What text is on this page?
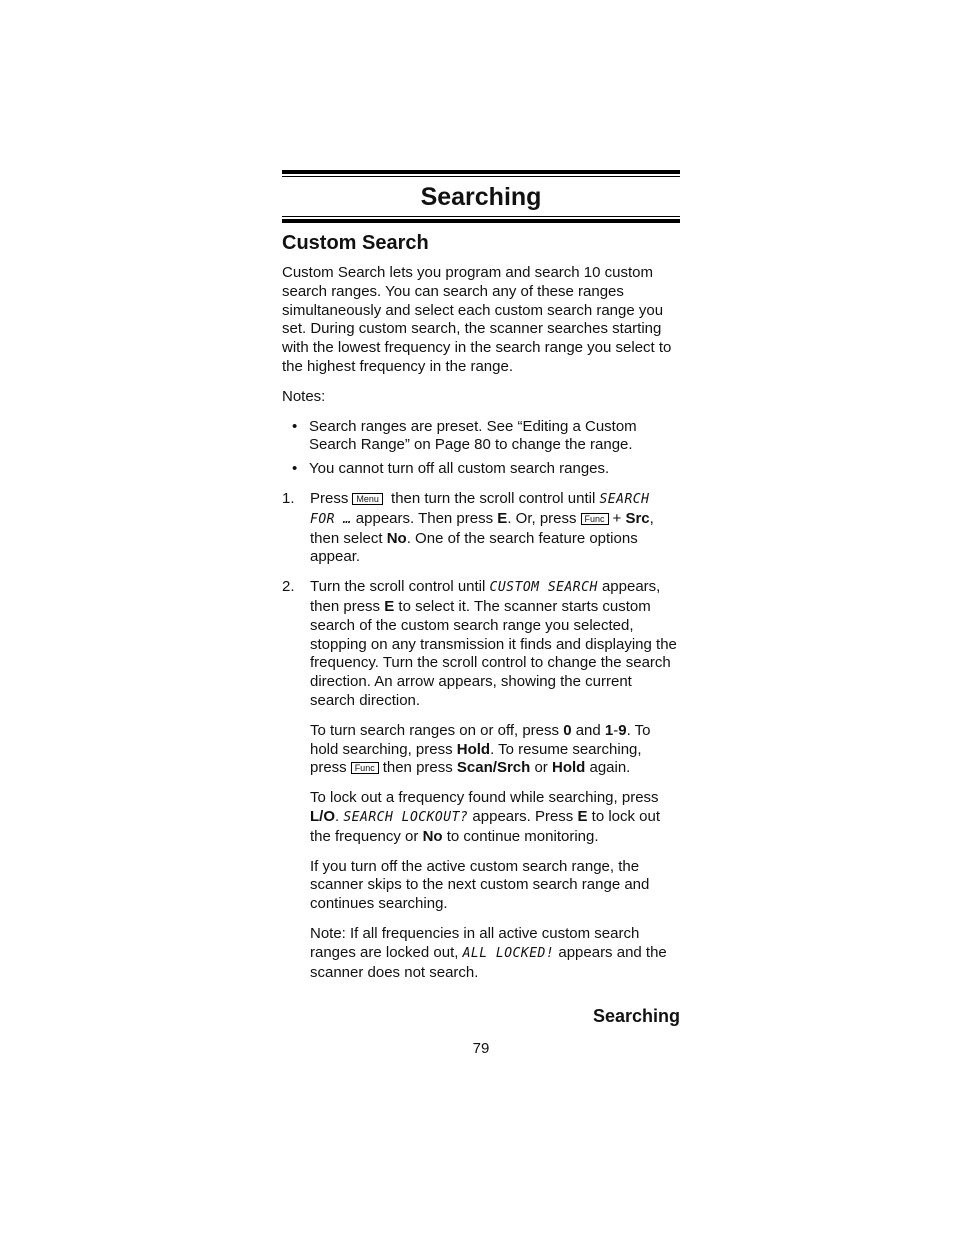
Searching
Custom Search

Custom Search lets you program and search 10 custom search ranges. You can search any of these ranges simultaneously and select each custom search range you set. During custom search, the scanner searches starting with the lowest frequency in the search range you select to the highest frequency in the range.

Notes:

• Search ranges are preset. See “Editing a Custom Search Range” on Page 80 to change the range.
• You cannot turn off all custom search ranges.
1. Press Menu then turn the scroll control until SEARCH FOR … appears. Then press E. Or, press Func + Src, then select No. One of the search feature options appear.
2. Turn the scroll control until CUSTOM SEARCH appears, then press E to select it. The scanner starts custom search of the custom search range you selected, stopping on any transmission it finds and displaying the frequency. Turn the scroll control to change the search direction. An arrow appears, showing the current search direction.

To turn search ranges on or off, press 0 and 1-9. To hold searching, press Hold. To resume searching, press Func then press Scan/Srch or Hold again.

To lock out a frequency found while searching, press L/O. SEARCH LOCKOUT? appears. Press E to lock out the frequency or No to continue monitoring.

If you turn off the active custom search range, the scanner skips to the next custom search range and continues searching.

Note: If all frequencies in all active custom search ranges are locked out, ALL LOCKED! appears and the scanner does not search.

Searching
79
